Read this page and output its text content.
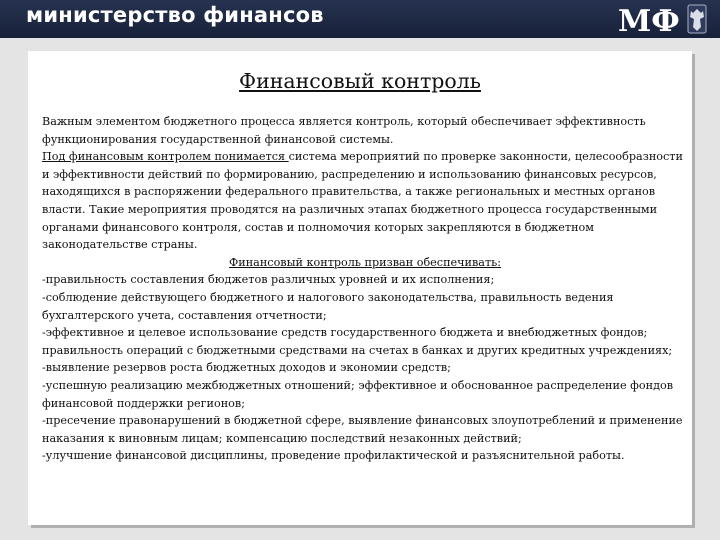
министерство финансов	МФ
Финансовый контроль

Важным элементом бюджетного процесса является контроль, который обеспечивает эффективность

функционирования государственной финансовой системы.

Под финансовым контролем понимается система мероприятий по проверке законности, целесообразности

и эффективности действий по формированию, распределению и использованию финансовых ресурсов,

находящихся в распоряжении федерального правительства, а также региональных и местных органов

власти. Такие мероприятия проводятся на различных этапах бюджетного процесса государственными

органами финансового контроля, состав и полномочия которых закрепляются в бюджетном

законодательстве страны.

Финансовый контроль призван обеспечивать:

-правильность составления бюджетов различных уровней и их исполнения;

-соблюдение действующего бюджетного и налогового законодательства, правильность ведения

бухгалтерского учета, составления отчетности;

-эффективное и целевое использование средств государственного бюджета и внебюджетных фондов;

правильность операций с бюджетными средствами на счетах в банках и других кредитных учреждениях;

-выявление резервов роста бюджетных доходов и экономии средств;

-успешную реализацию межбюджетных отношений; эффективное и обоснованное распределение фондов

финансовой поддержки регионов;

-пресечение правонарушений в бюджетной сфере, выявление финансовых злоупотреблений и применение

наказания к виновным лицам; компенсацию последствий незаконных действий;

-улучшение финансовой дисциплины, проведение профилактической и разъяснительной работы.
